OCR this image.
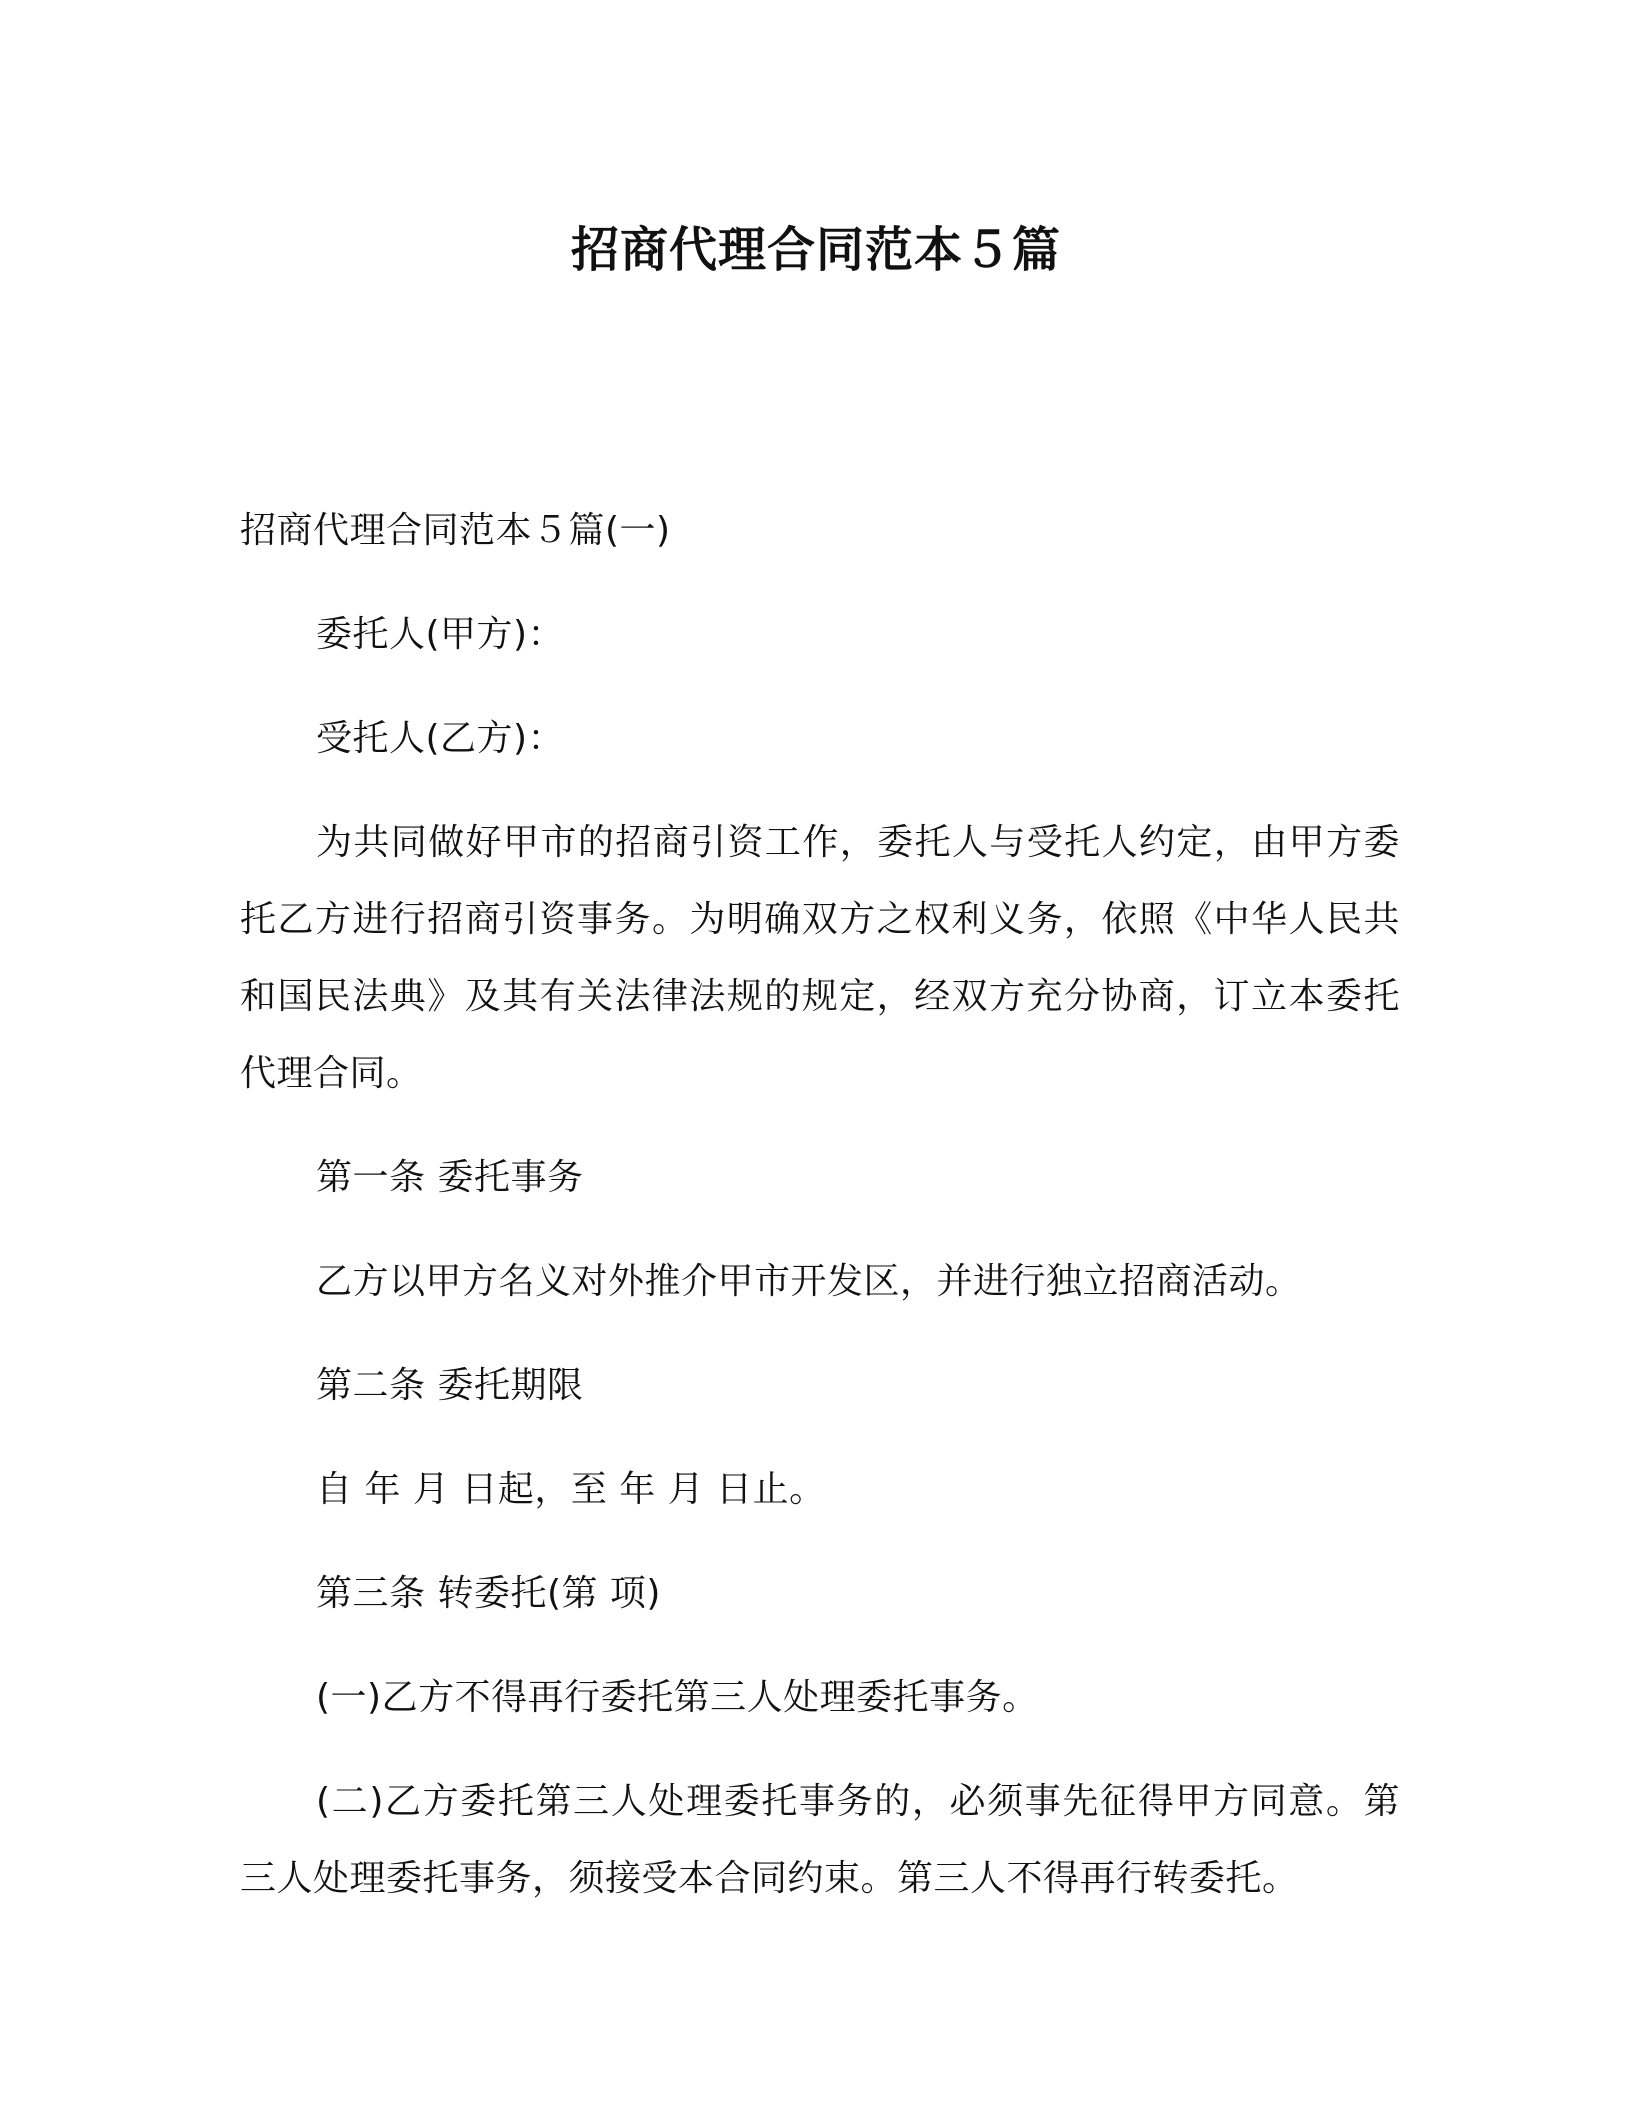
招商代理合同范本５篇

招商代理合同范本５篇(一)

委托人(甲方)：

受托人(乙方)：

为共同做好甲市的招商引资工作，委托人与受托人约定，由甲方委托乙方进行招商引资事务。为明确双方之权利义务，依照《中华人民共和国民法典》及其有关法律法规的规定，经双方充分协商，订立本委托代理合同。

第一条 委托事务

乙方以甲方名义对外推介甲市开发区，并进行独立招商活动。

第二条 委托期限

自 年 月 日起，至 年 月 日止。

第三条 转委托(第 项)

(一)乙方不得再行委托第三人处理委托事务。

(二)乙方委托第三人处理委托事务的，必须事先征得甲方同意。第三人处理委托事务，须接受本合同约束。第三人不得再行转委托。
